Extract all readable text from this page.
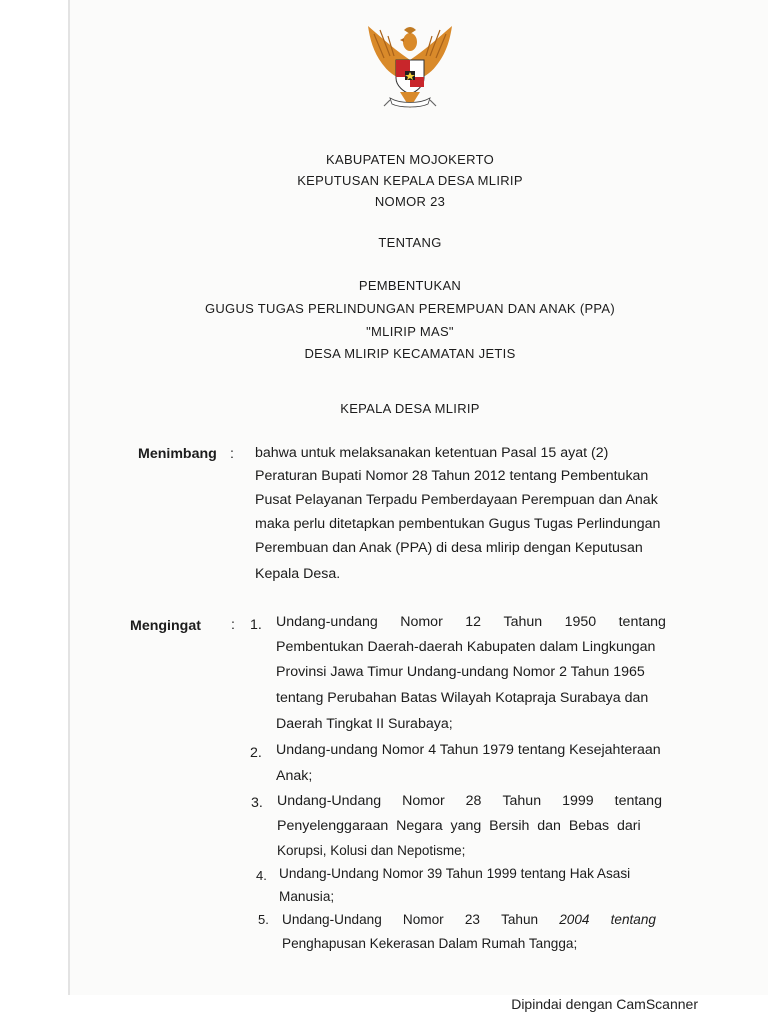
KABUPATEN MOJOKERTO
KEPUTUSAN KEPALA DESA MLIRIP
NOMOR 23
TENTANG
PEMBENTUKAN
GUGUS TUGAS PERLINDUNGAN PEREMPUAN DAN ANAK (PPA)
"MLIRIP MAS"
DESA MLIRIP KECAMATAN JETIS
KEPALA DESA MLIRIP
Menimbang : bahwa untuk melaksanakan ketentuan Pasal 15 ayat (2)
Peraturan Bupati Nomor 28 Tahun 2012 tentang Pembentukan
Pusat Pelayanan Terpadu Pemberdayaan Perempuan dan Anak
maka perlu ditetapkan pembentukan Gugus Tugas Perlindungan
Perembuan dan Anak (PPA) di desa mlirip dengan Keputusan
Kepala Desa.
Mengingat : 1. Undang-undang Nomor 12 Tahun 1950 tentang
Pembentukan Daerah-daerah Kabupaten dalam Lingkungan
Provinsi Jawa Timur Undang-undang Nomor 2 Tahun 1965
tentang Perubahan Batas Wilayah Kotapraja Surabaya dan
Daerah Tingkat II Surabaya;
2. Undang-undang Nomor 4 Tahun 1979 tentang Kesejahteraan
Anak;
3. Undang-Undang Nomor 28 Tahun 1999 tentang
Penyelenggaraan  Negara  yang  Bersih  dan  Bebas  dari
Korupsi, Kolusi dan Nepotisme;
4. Undang-Undang Nomor 39 Tahun 1999 tentang Hak Asasi
Manusia;
5. Undang-Undang Nomor 23 Tahun 2004 tentang
Penghapusan Kekerasan Dalam Rumah Tangga;
Dipindai dengan CamScanner
